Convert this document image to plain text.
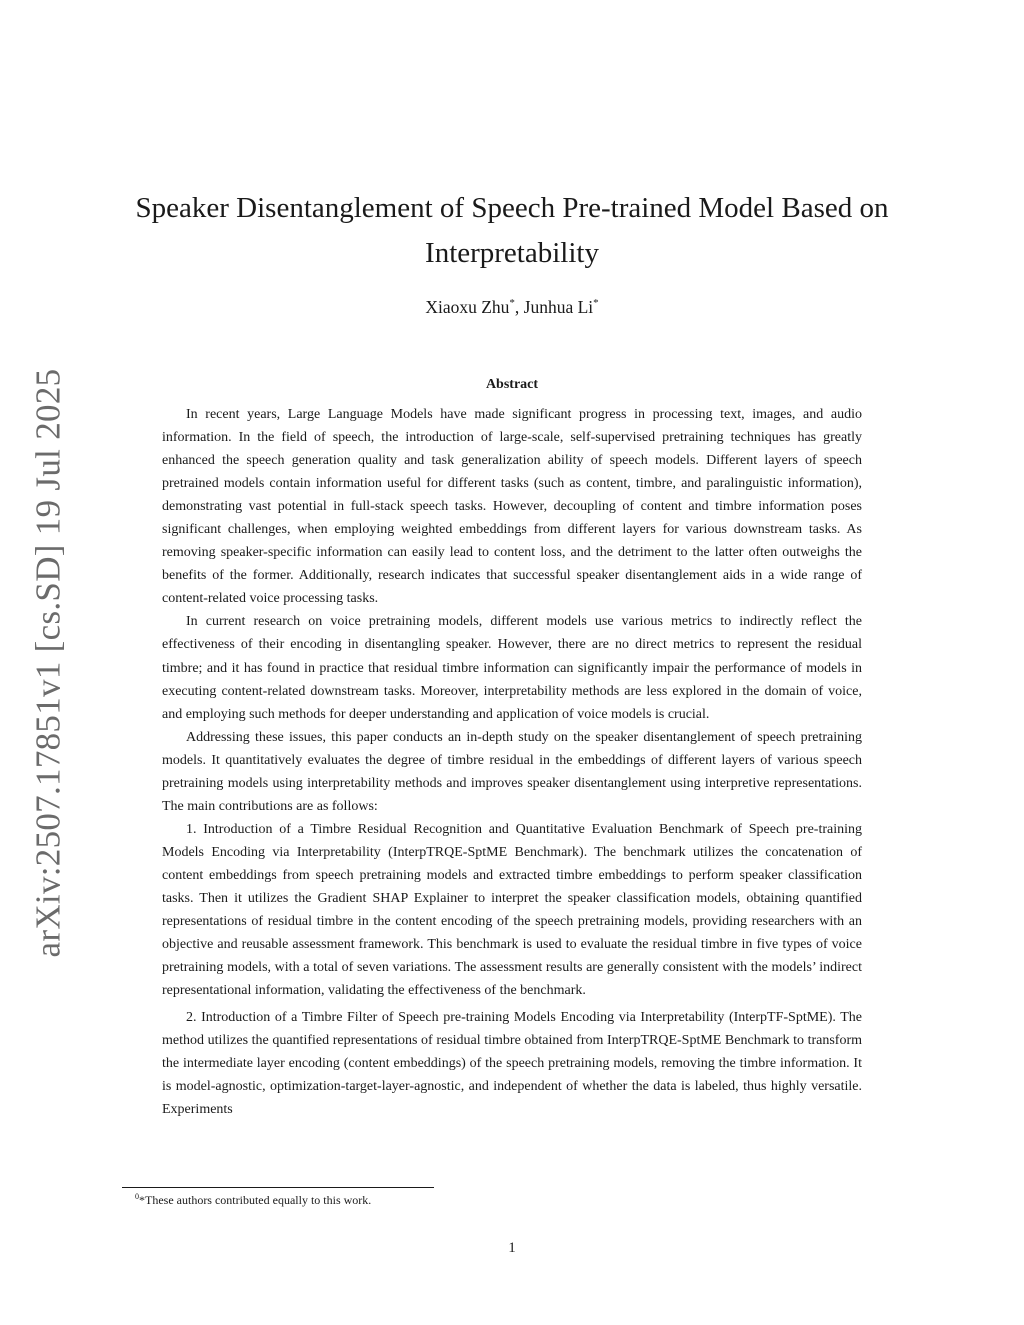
arXiv:2507.17851v1 [cs.SD] 19 Jul 2025
Speaker Disentanglement of Speech Pre-trained Model Based on
Interpretability
Xiaoxu Zhu*, Junhua Li*
Abstract

In recent years, Large Language Models have made significant progress in processing text, images, and audio information. In the field of speech, the introduction of large-scale, self-supervised pretraining techniques has greatly enhanced the speech generation quality and task generalization ability of speech models. Different layers of speech pretrained models contain information useful for different tasks (such as content, timbre, and paralinguistic information), demonstrating vast potential in full-stack speech tasks. However, decoupling of content and timbre information poses significant challenges, when employing weighted embeddings from different layers for various downstream tasks. As removing speaker-specific information can easily lead to content loss, and the detriment to the latter often outweighs the benefits of the former. Additionally, research indicates that successful speaker disentanglement aids in a wide range of content-related voice processing tasks.

In current research on voice pretraining models, different models use various metrics to indirectly reflect the effectiveness of their encoding in disentangling speaker. However, there are no direct metrics to represent the residual timbre; and it has found in practice that residual timbre information can significantly impair the performance of models in executing content-related downstream tasks. Moreover, interpretability methods are less explored in the domain of voice, and employing such methods for deeper understanding and application of voice models is crucial.

Addressing these issues, this paper conducts an in-depth study on the speaker disentanglement of speech pretraining models. It quantitatively evaluates the degree of timbre residual in the embeddings of different layers of various speech pretraining models using interpretability methods and improves speaker disentanglement using interpretive representations. The main contributions are as follows:

1. Introduction of a Timbre Residual Recognition and Quantitative Evaluation Benchmark of Speech pre-training Models Encoding via Interpretability (InterpTRQE-SptME Benchmark). The benchmark utilizes the concatenation of content embeddings from speech pretraining models and extracted timbre embeddings to perform speaker classification tasks. Then it utilizes the Gradient SHAP Explainer to interpret the speaker classification models, obtaining quantified representations of residual timbre in the content encoding of the speech pretraining models, providing researchers with an objective and reusable assessment framework. This benchmark is used to evaluate the residual timbre in five types of voice pretraining models, with a total of seven variations. The assessment results are generally consistent with the models’ indirect representational information, validating the effectiveness of the benchmark.

2. Introduction of a Timbre Filter of Speech pre-training Models Encoding via Interpretability (InterpTF-SptME). The method utilizes the quantified representations of residual timbre obtained from InterpTRQE-SptME Benchmark to transform the intermediate layer encoding (content embeddings) of the speech pretraining models, removing the timbre information. It is model-agnostic, optimization-target-layer-agnostic, and independent of whether the data is labeled, thus highly versatile. Experiments

$^0$*These authors contributed equally to this work.
1
